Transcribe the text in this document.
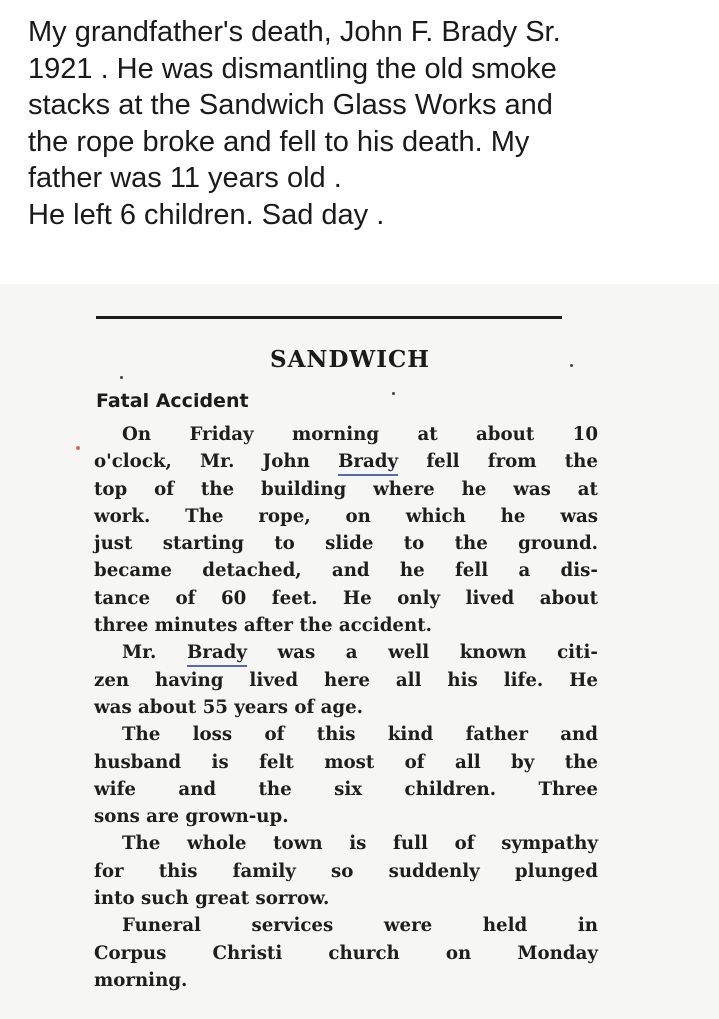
My grandfather's death, John F. Brady Sr.
1921 . He was dismantling the old smoke
stacks at the Sandwich Glass Works and
the rope broke and fell to his death. My
father was 11 years old .
He left 6 children. Sad day .
SANDWICH
Fatal Accident
On Friday morning at about 10
o'clock, Mr. John Brady fell from the
top of the building where he was at
work. The rope, on which he was
just starting to slide to the ground.
became detached, and he fell a dis-
tance of 60 feet. He only lived about
three minutes after the accident.
Mr. Brady was a well known citi-
zen having lived here all his life. He
was about 55 years of age.
The loss of this kind father and
husband is felt most of all by the
wife and the six children. Three
sons are grown-up.
The whole town is full of sympathy
for this family so suddenly plunged
into such great sorrow.
Funeral	services	were	held	in
Corpus	Christi	church	on	Monday
morning.
